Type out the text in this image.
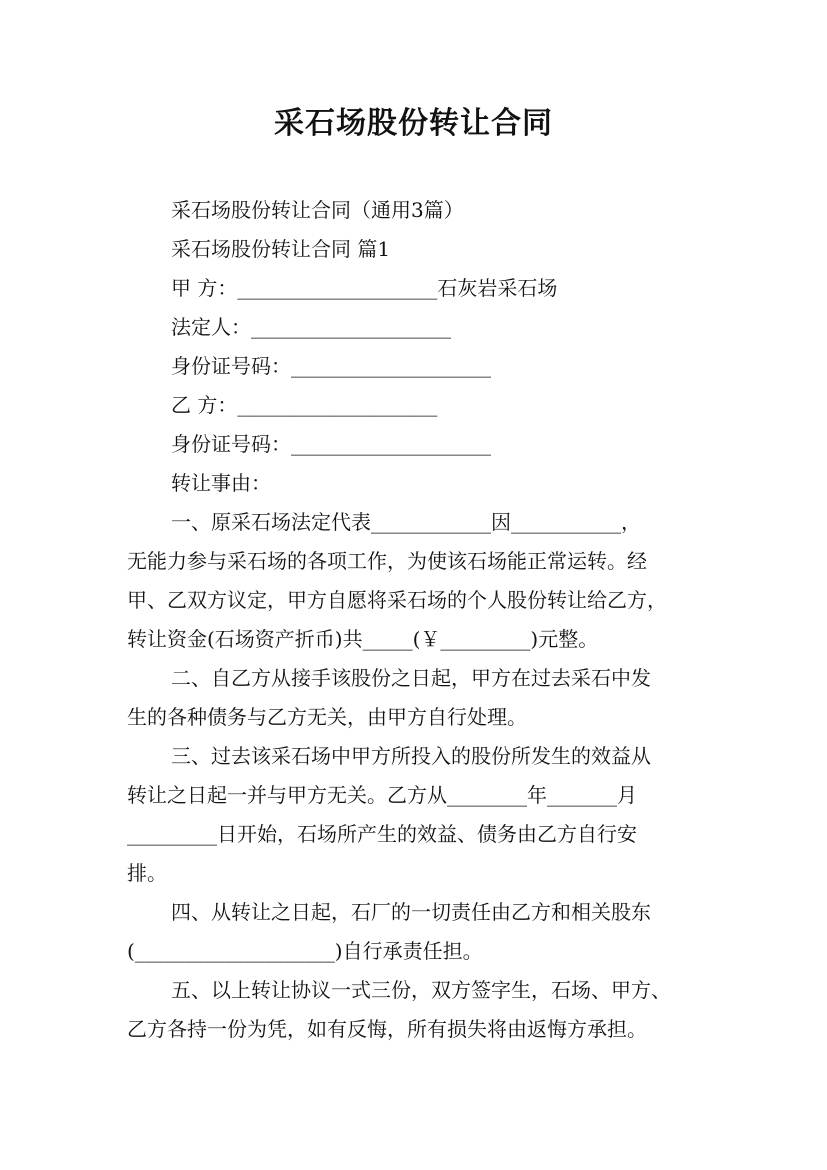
采石场股份转让合同

采石场股份转让合同（通用3篇）

采石场股份转让合同 篇1

甲 方：____________________石灰岩采石场

法定人：____________________

身份证号码：____________________

乙 方：____________________

身份证号码：____________________

转让事由：

一、原采石场法定代表____________因___________，

无能力参与采石场的各项工作，为使该石场能正常运转。经

甲、乙双方议定，甲方自愿将采石场的个人股份转让给乙方，

转让资金(石场资产折币)共_____(￥_________)元整。

二、自乙方从接手该股份之日起，甲方在过去采石中发

生的各种债务与乙方无关，由甲方自行处理。

三、过去该采石场中甲方所投入的股份所发生的效益从

转让之日起一并与甲方无关。乙方从________年_______月

_________日开始，石场所产生的效益、债务由乙方自行安

排。

四、从转让之日起，石厂的一切责任由乙方和相关股东

(____________________)自行承责任担。

五、以上转让协议一式三份，双方签字生，石场、甲方、

乙方各持一份为凭，如有反悔，所有损失将由返悔方承担。
